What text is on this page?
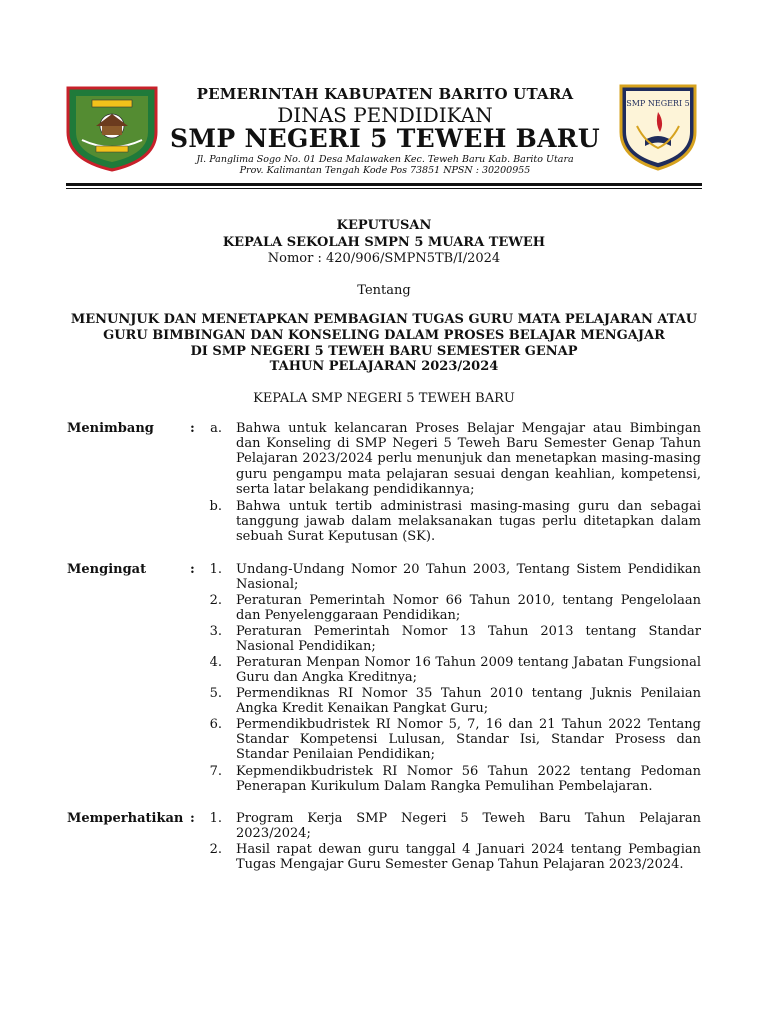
SMP NEGERI 5
PEMERINTAH KABUPATEN BARITO UTARA
DINAS PENDIDIKAN
SMP NEGERI 5 TEWEH BARU
Jl. Panglima Sogo No. 01 Desa Malawaken Kec. Teweh Baru Kab. Barito Utara
Prov. Kalimantan Tengah Kode Pos 73851 NPSN : 30200955
KEPUTUSAN
KEPALA SEKOLAH SMPN 5 MUARA TEWEH
Nomor : 420/906/SMPN5TB/I/2024
Tentang
MENUNJUK DAN MENETAPKAN PEMBAGIAN TUGAS GURU MATA PELAJARAN ATAU
GURU BIMBINGAN DAN KONSELING DALAM PROSES BELAJAR MENGAJAR
DI SMP NEGERI 5 TEWEH BARU SEMESTER GENAP
TAHUN PELAJARAN 2023/2024
KEPALA SMP NEGERI 5 TEWEH BARU
Menimbang	:	a. Bahwa untuk kelancaran Proses Belajar Mengajar atau Bimbingan dan Konseling di SMP Negeri 5 Teweh Baru Semester Genap Tahun Pelajaran 2023/2024 perlu menunjuk dan menetapkan masing-masing guru pengampu mata pelajaran sesuai dengan keahlian, kompetensi, serta latar belakang pendidikannya;
b. Bahwa untuk tertib administrasi masing-masing guru dan sebagai tanggung jawab dalam melaksanakan tugas perlu ditetapkan dalam sebuah Surat Keputusan (SK).
Mengingat	:	1. Undang-Undang Nomor 20 Tahun 2003, Tentang Sistem Pendidikan Nasional;
2. Peraturan Pemerintah Nomor 66 Tahun 2010, tentang Pengelolaan dan Penyelenggaraan Pendidikan;
3. Peraturan Pemerintah Nomor 13 Tahun 2013 tentang Standar Nasional Pendidikan;
4. Peraturan Menpan Nomor 16 Tahun 2009 tentang Jabatan Fungsional Guru dan Angka Kreditnya;
5. Permendiknas RI Nomor 35 Tahun 2010 tentang Juknis Penilaian Angka Kredit Kenaikan Pangkat Guru;
6. Permendikbudristek RI Nomor 5, 7, 16 dan 21 Tahun 2022 Tentang Standar Kompetensi Lulusan, Standar Isi, Standar Prosess dan Standar Penilaian Pendidikan;
7. Kepmendikbudristek RI Nomor 56 Tahun 2022 tentang Pedoman Penerapan Kurikulum Dalam Rangka Pemulihan Pembelajaran.
Memperhatikan :	1. Program Kerja SMP Negeri 5 Teweh Baru Tahun Pelajaran 2023/2024;
2. Hasil rapat dewan guru tanggal 4 Januari 2024 tentang Pembagian Tugas Mengajar Guru Semester Genap Tahun Pelajaran 2023/2024.
